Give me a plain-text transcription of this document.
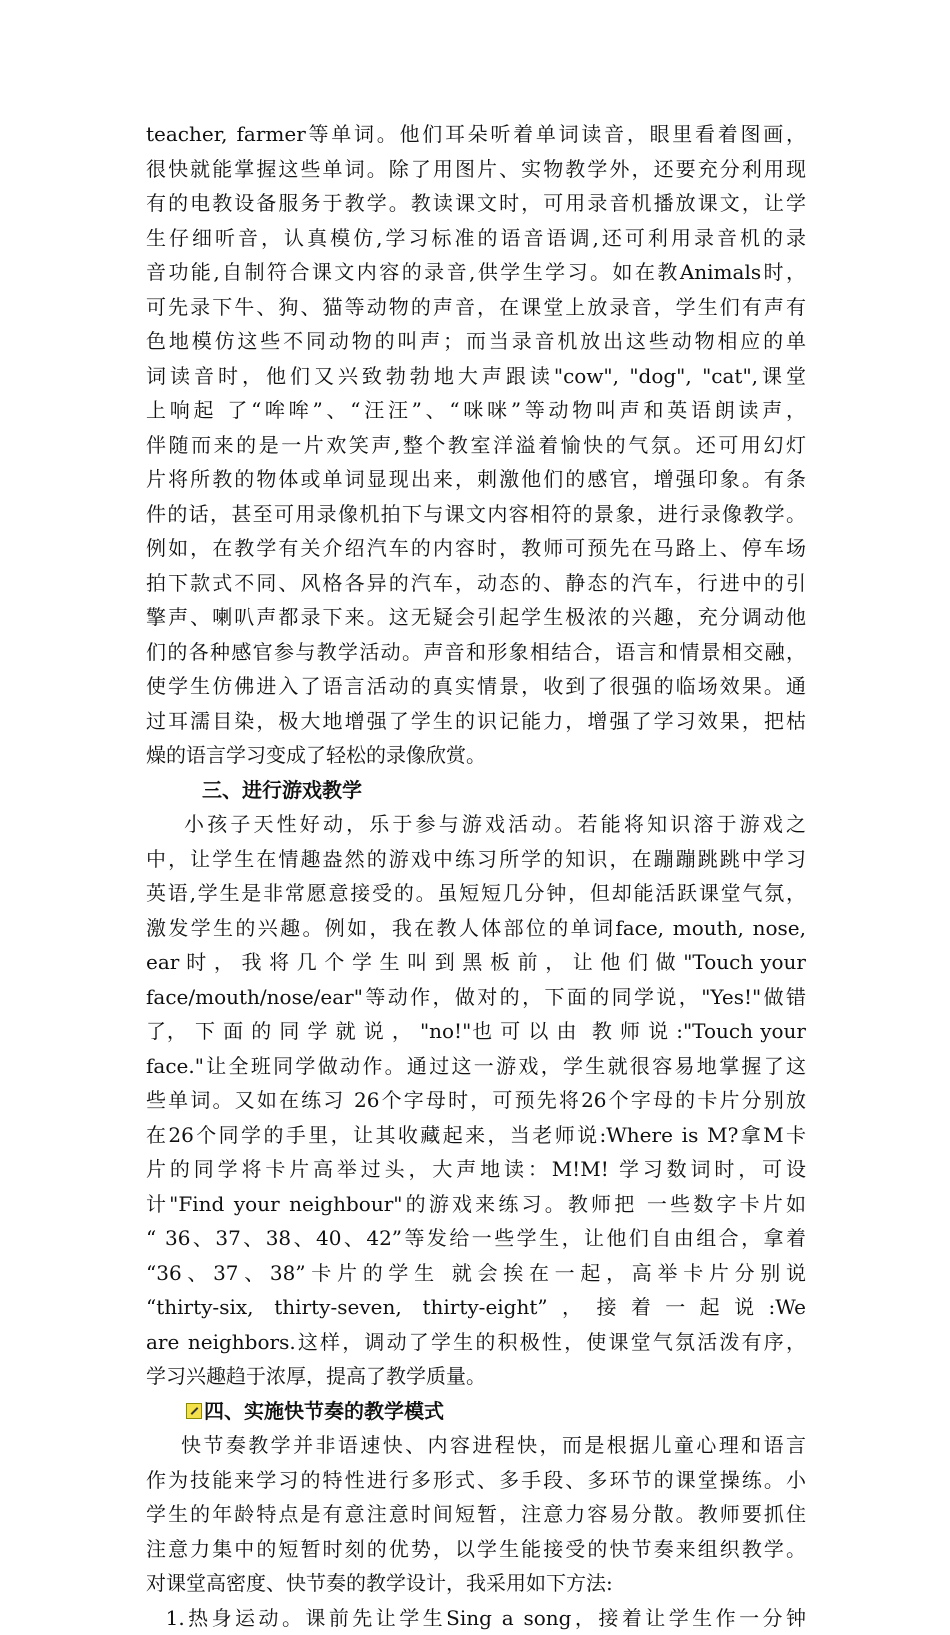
teacher, farmer等单词。他们耳朵听着单词读音，眼里看着图画，
很快就能掌握这些单词。除了用图片、实物教学外，还要充分利用现
有的电教设备服务于教学。教读课文时，可用录音机播放课文，让学
生仔细听音，认真模仿,学习标准的语音语调,还可利用录音机的录
音功能,自制符合课文内容的录音,供学生学习。如在教Animals时，
可先录下牛、狗、猫等动物的声音，在课堂上放录音，学生们有声有
色地模仿这些不同动物的叫声；而当录音机放出这些动物相应的单
词读音时，他们又兴致勃勃地大声跟读"cow", "dog", "cat",课堂
上响起 了“哞哞”、“汪汪”、“咪咪”等动物叫声和英语朗读声，
伴随而来的是一片欢笑声,整个教室洋溢着愉快的气氛。还可用幻灯
片将所教的物体或单词显现出来，刺激他们的感官，增强印象。有条
件的话，甚至可用录像机拍下与课文内容相符的景象，进行录像教学。
例如，在教学有关介绍汽车的内容时，教师可预先在马路上、停车场
拍下款式不同、风格各异的汽车，动态的、静态的汽车，行进中的引
擎声、喇叭声都录下来。这无疑会引起学生极浓的兴趣，充分调动他
们的各种感官参与教学活动。声音和形象相结合，语言和情景相交融，
使学生仿佛进入了语言活动的真实情景，收到了很强的临场效果。通
过耳濡目染，极大地增强了学生的识记能力，增强了学习效果，把枯
燥的语言学习变成了轻松的录像欣赏。
三、进行游戏教学
小孩子天性好动，乐于参与游戏活动。若能将知识溶于游戏之
中，让学生在情趣盎然的游戏中练习所学的知识，在蹦蹦跳跳中学习
英语,学生是非常愿意接受的。虽短短几分钟，但却能活跃课堂气氛，
激发学生的兴趣。例如，我在教人体部位的单词face, mouth, nose,
ear 时 ， 我 将 几 个 学 生 叫 到 黑 板 前 ， 让 他 们 做 "Touch your
face/mouth/nose/ear"等动作，做对的，下面的同学说，"Yes!"做错
了， 下 面 的 同 学 就 说 ， "no!"也 可 以 由  教 师 说 :"Touch your
face."让全班同学做动作。通过这一游戏，学生就很容易地掌握了这
些单词。又如在练习 26个字母时，可预先将26个字母的卡片分别放
在26个同学的手里，让其收藏起来，当老师说:Where is M?拿M卡
片的同学将卡片高举过头，大声地读：M!M! 学习数词时，可设
计"Find your neighbour"的游戏来练习。教师把 一些数字卡片如
“ 36、37、38、40、42”等发给一些学生，让他们自由组合，拿着
“36、37、38”卡片的学生 就会挨在一起，高举卡片分别说
“thirty-six, thirty-seven, thirty-eight”，接着一起说:We
are neighbors.这样，调动了学生的积极性，使课堂气氛活泼有序，
学习兴趣趋于浓厚，提高了教学质量。
四、实施快节奏的教学模式
快节奏教学并非语速快、内容进程快，而是根据儿童心理和语言
作为技能来学习的特性进行多形式、多手段、多环节的课堂操练。小
学生的年龄特点是有意注意时间短暂，注意力容易分散。教师要抓住
注意力集中的短暂时刻的优势，以学生能接受的快节奏来组织教学。
对课堂高密度、快节奏的教学设计，我采用如下方法:
1.热身运动。课前先让学生Sing a song，接着让学生作一分钟
